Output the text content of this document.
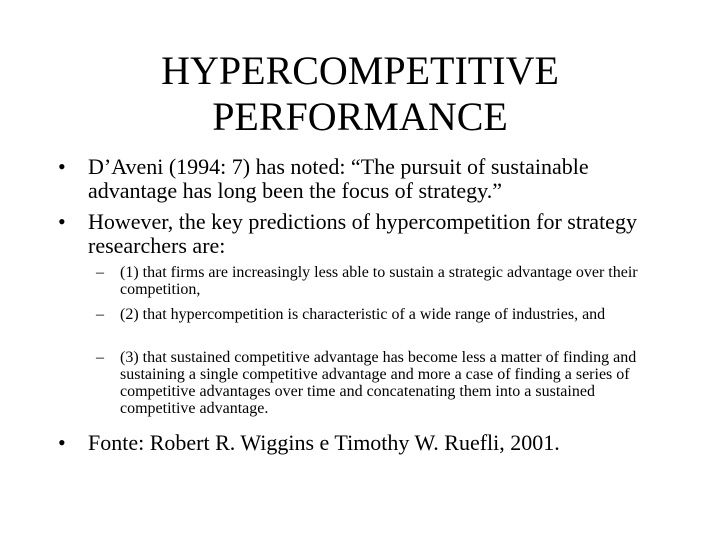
HYPERCOMPETITIVE
PERFORMANCE
• D’Aveni (1994: 7) has noted: “The pursuit of sustainable advantage has long been the focus of strategy.”
• However, the key predictions of hypercompetition for strategy researchers are:
– (1) that firms are increasingly less able to sustain a strategic advantage over their competition,
– (2) that hypercompetition is characteristic of a wide range of industries, and
– (3) that sustained competitive advantage has become less a matter of finding and sustaining a single competitive advantage and more a case of finding a series of competitive advantages over time and concatenating them into a sustained competitive advantage.
• Fonte: Robert R. Wiggins e Timothy W. Ruefli, 2001.
